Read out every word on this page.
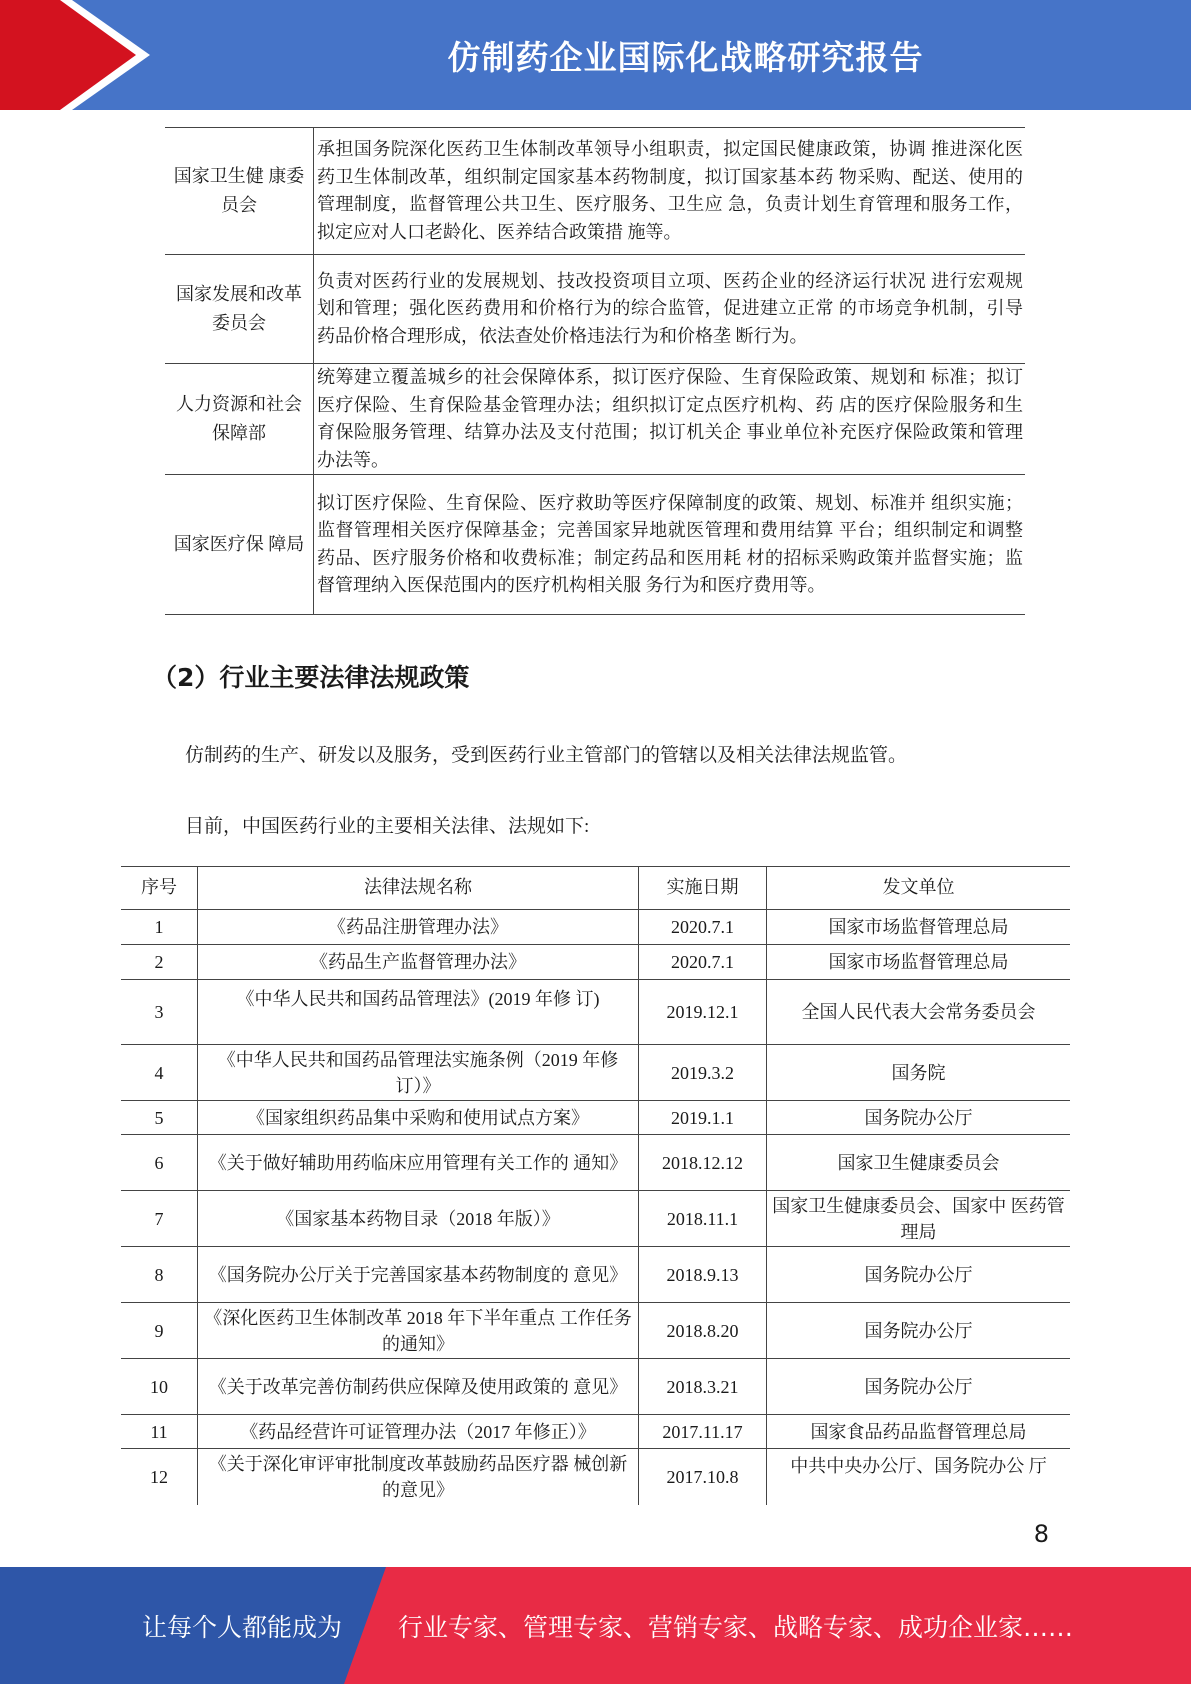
仿制药企业国际化战略研究报告
国家卫生健 康委员会	承担国务院深化医药卫生体制改革领导小组职责，拟定国民健康政策，协调 推进深化医药卫生体制改革，组织制定国家基本药物制度，拟订国家基本药 物采购、配送、使用的管理制度，监督管理公共卫生、医疗服务、卫生应 急，负责计划生育管理和服务工作，拟定应对人口老龄化、医养结合政策措 施等。
国家发展和改革委员会	负责对医药行业的发展规划、技改投资项目立项、医药企业的经济运行状况 进行宏观规划和管理；强化医药费用和价格行为的综合监管，促进建立正常 的市场竞争机制，引导药品价格合理形成，依法查处价格违法行为和价格垄 断行为。
人力资源和社会保障部	统筹建立覆盖城乡的社会保障体系，拟订医疗保险、生育保险政策、规划和 标准；拟订医疗保险、生育保险基金管理办法；组织拟订定点医疗机构、药 店的医疗保险服务和生育保险服务管理、结算办法及支付范围；拟订机关企 事业单位补充医疗保险政策和管理办法等。
国家医疗保 障局	拟订医疗保险、生育保险、医疗救助等医疗保障制度的政策、规划、标准并 组织实施；监督管理相关医疗保障基金；完善国家异地就医管理和费用结算 平台；组织制定和调整药品、医疗服务价格和收费标准；制定药品和医用耗 材的招标采购政策并监督实施；监督管理纳入医保范围内的医疗机构相关服 务行为和医疗费用等。
（2）行业主要法律法规政策
仿制药的生产、研发以及服务，受到医药行业主管部门的管辖以及相关法律法规监管。
目前，中国医药行业的主要相关法律、法规如下:
序号	法律法规名称	实施日期	发文单位
1	《药品注册管理办法》	2020.7.1	国家市场监督管理总局
2	《药品生产监督管理办法》	2020.7.1	国家市场监督管理总局
3	《中华人民共和国药品管理法》(2019 年修 订)	2019.12.1	全国人民代表大会常务委员会
4	《中华人民共和国药品管理法实施条例（2019 年修订）》	2019.3.2	国务院
5	《国家组织药品集中采购和使用试点方案》	2019.1.1	国务院办公厅
6	《关于做好辅助用药临床应用管理有关工作的 通知》	2018.12.12	国家卫生健康委员会
7	《国家基本药物目录（2018 年版）》	2018.11.1	国家卫生健康委员会、国家中 医药管理局
8	《国务院办公厅关于完善国家基本药物制度的 意见》	2018.9.13	国务院办公厅
9	《深化医药卫生体制改革 2018 年下半年重点 工作任务的通知》	2018.8.20	国务院办公厅
10	《关于改革完善仿制药供应保障及使用政策的 意见》	2018.3.21	国务院办公厅
11	《药品经营许可证管理办法（2017 年修正）》	2017.11.17	国家食品药品监督管理总局
12	《关于深化审评审批制度改革鼓励药品医疗器 械创新的意见》	2017.10.8	中共中央办公厅、国务院办公 厅
8
让每个人都能成为 行业专家、管理专家、营销专家、战略专家、成功企业家……
